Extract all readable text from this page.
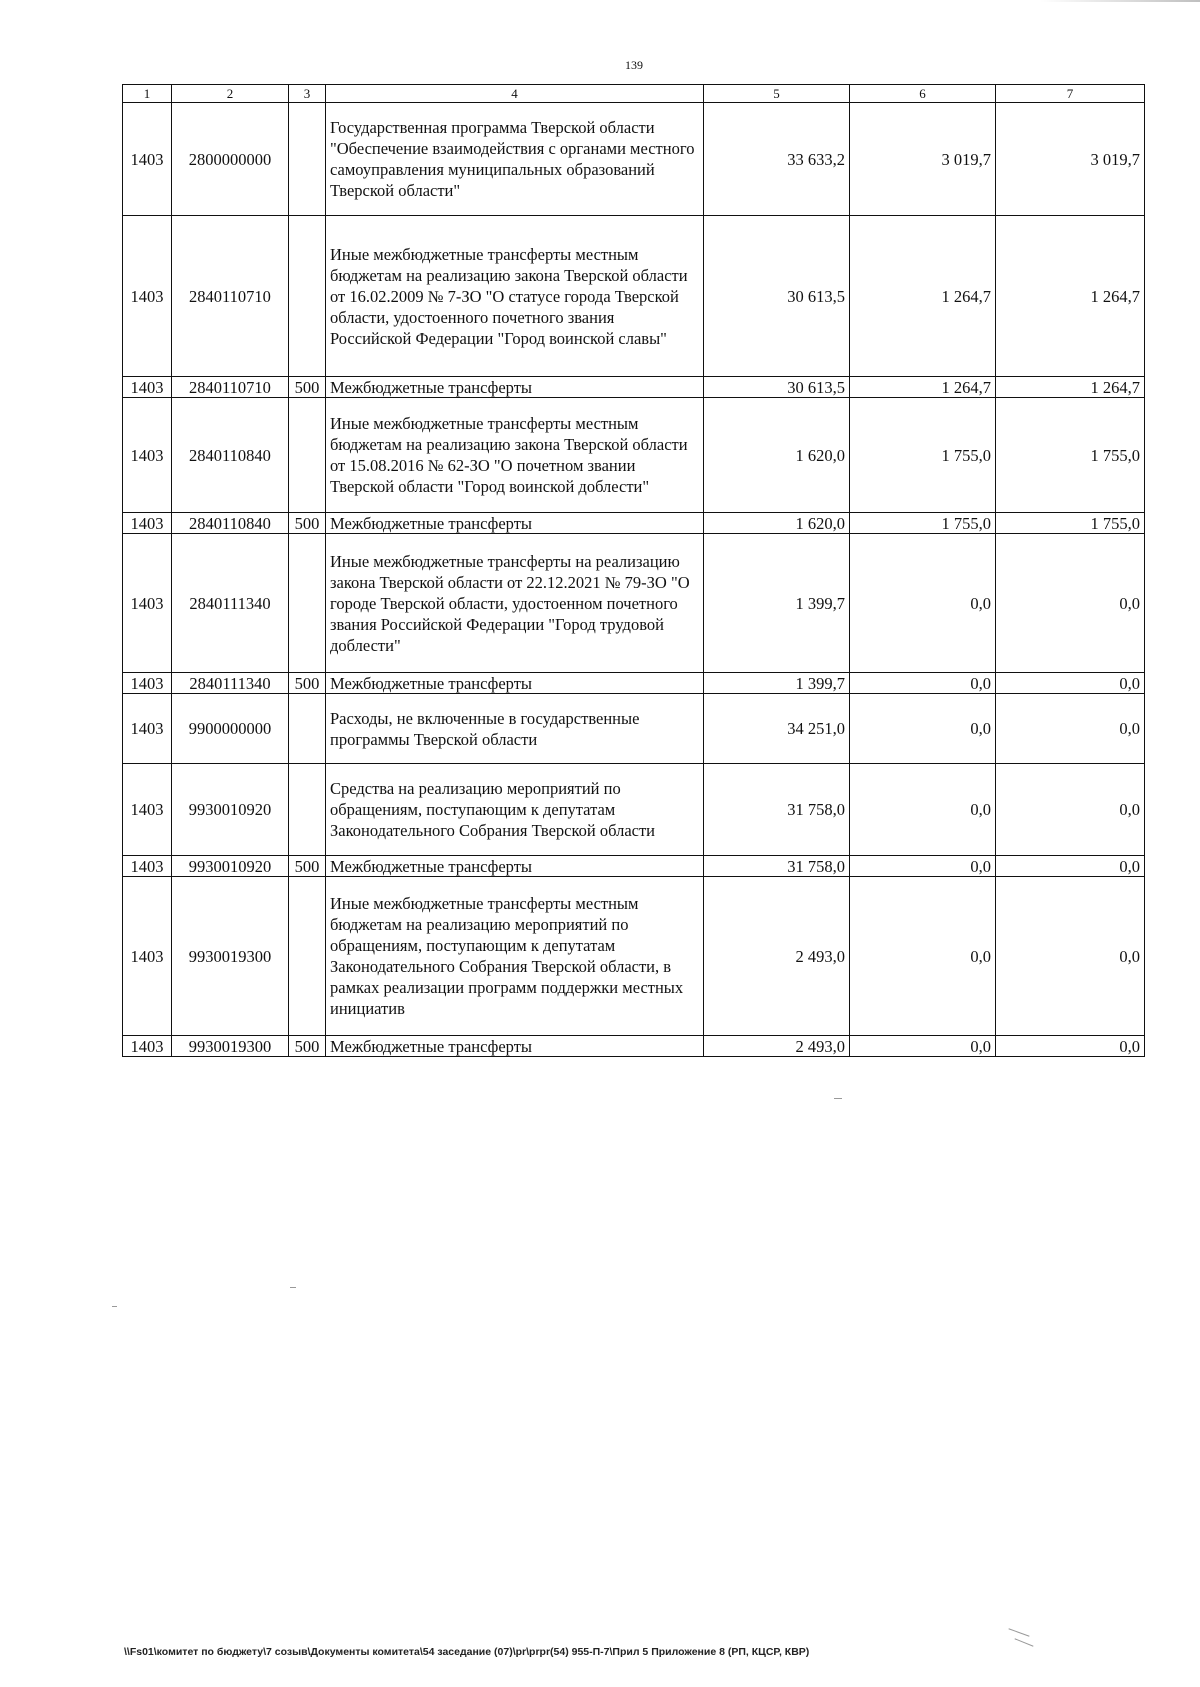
139
1	2	3	4	5	6	7
1403	2800000000		Государственная программа Тверской области "Обеспечение взаимодействия с органами местного самоуправления муниципальных образований Тверской области"	33 633,2	3 019,7	3 019,7
1403	2840110710		Иные межбюджетные трансферты местным бюджетам на реализацию закона Тверской области от 16.02.2009 № 7-ЗО "О статусе города Тверской области, удостоенного почетного звания Российской Федерации "Город воинской славы"	30 613,5	1 264,7	1 264,7
1403	2840110710	500	Межбюджетные трансферты	30 613,5	1 264,7	1 264,7
1403	2840110840		Иные межбюджетные трансферты местным бюджетам на реализацию закона Тверской области от 15.08.2016 № 62-ЗО "О почетном звании Тверской области "Город воинской доблести"	1 620,0	1 755,0	1 755,0
1403	2840110840	500	Межбюджетные трансферты	1 620,0	1 755,0	1 755,0
1403	2840111340		Иные межбюджетные трансферты на реализацию закона Тверской области от 22.12.2021 № 79-ЗО "О городе Тверской области, удостоенном почетного звания Российской Федерации "Город трудовой доблести"	1 399,7	0,0	0,0
1403	2840111340	500	Межбюджетные трансферты	1 399,7	0,0	0,0
1403	9900000000		Расходы, не включенные в государственные программы Тверской области	34 251,0	0,0	0,0
1403	9930010920		Средства на реализацию мероприятий по обращениям, поступающим к депутатам Законодательного Собрания Тверской области	31 758,0	0,0	0,0
1403	9930010920	500	Межбюджетные трансферты	31 758,0	0,0	0,0
1403	9930019300		Иные межбюджетные трансферты местным бюджетам на реализацию мероприятий по обращениям, поступающим к депутатам Законодательного Собрания Тверской области, в рамках реализации программ поддержки местных инициатив	2 493,0	0,0	0,0
1403	9930019300	500	Межбюджетные трансферты	2 493,0	0,0	0,0
\\Fs01\комитет по бюджету\7 созыв\Документы комитета\54 заседание (07)\pr\prpr(54) 955-П-7\Прил 5 Приложение 8 (РП, КЦСР, КВР)
